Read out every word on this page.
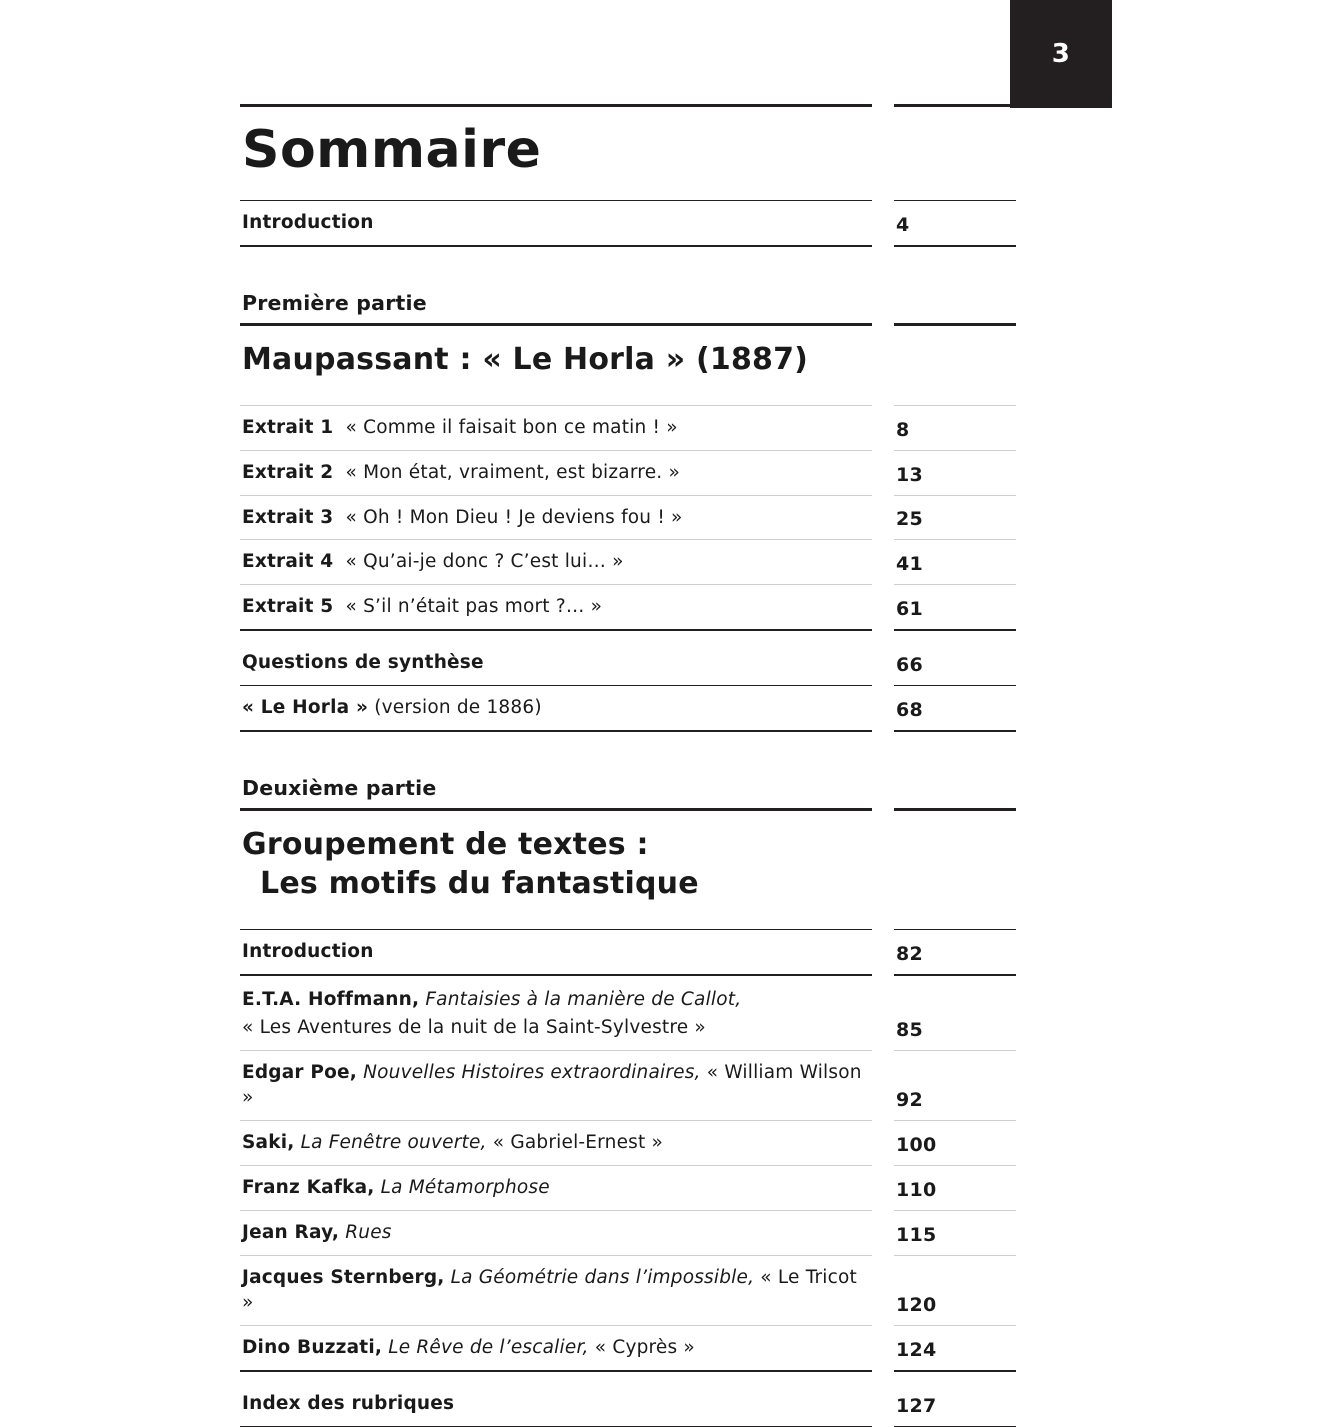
3
Sommaire
Introduction	4
Première partie
Maupassant : « Le Horla » (1887)
Extrait 1 « Comme il faisait bon ce matin ! »	8
Extrait 2 « Mon état, vraiment, est bizarre. »	13
Extrait 3 « Oh ! Mon Dieu ! Je deviens fou ! »	25
Extrait 4 « Qu’ai-je donc ? C’est lui… »	41
Extrait 5 « S’il n’était pas mort ?… »	61
Questions de synthèse	66
« Le Horla » (version de 1886)	68
Deuxième partie
Groupement de textes :
Les motifs du fantastique
Introduction	82
E.T.A. Hoffmann, Fantaisies à la manière de Callot,
« Les Aventures de la nuit de la Saint-Sylvestre »	85
Edgar Poe, Nouvelles Histoires extraordinaires, « William Wilson »	92
Saki, La Fenêtre ouverte, « Gabriel-Ernest »	100
Franz Kafka, La Métamorphose	110
Jean Ray, Rues	115
Jacques Sternberg, La Géométrie dans l’impossible, « Le Tricot »	120
Dino Buzzati, Le Rêve de l’escalier, « Cyprès »	124
Index des rubriques	127
